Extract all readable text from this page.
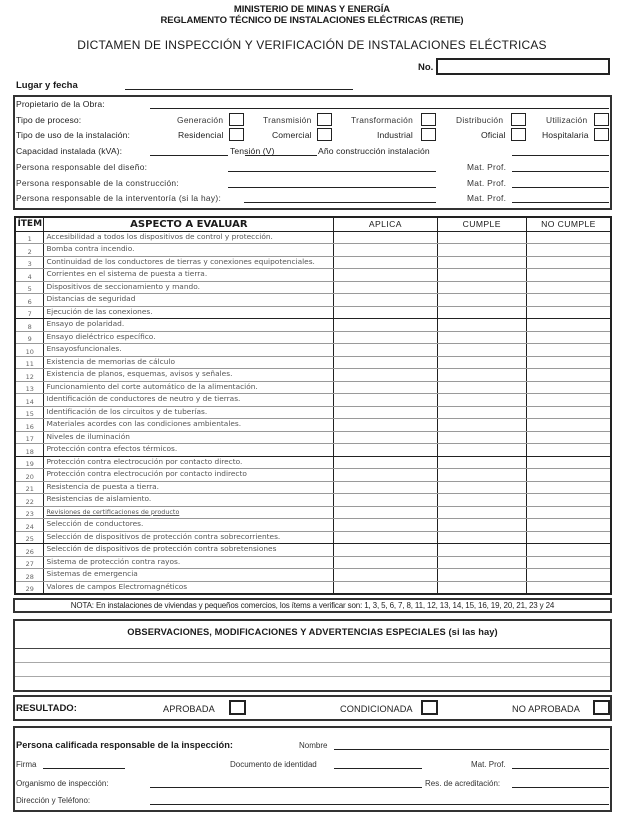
MINISTERIO DE MINAS Y ENERGÍA
REGLAMENTO TÉCNICO DE INSTALACIONES ELÉCTRICAS (RETIE)
DICTAMEN DE INSPECCIÓN Y VERIFICACIÓN DE INSTALACIONES ELÉCTRICAS
No.
Lugar y fecha
Propietario de la Obra:
Tipo de proceso:	Generación	Transmisión	Transformación	Distribución	Utilización
Tipo de uso de la instalación:	Residencial	Comercial	Industrial	Oficial	Hospitalaria
Capacidad instalada (kVA):	Tensión (V)	Año construcción instalación
Persona responsable del diseño:	Mat. Prof.
Persona responsable de la construcción:	Mat. Prof.
Persona responsable de la interventoría (si la hay):	Mat. Prof.
ÍTEM	ASPECTO A EVALUAR	APLICA	CUMPLE	NO CUMPLE
1	Accesibilidad a todos los dispositivos de control y protección.			
2	Bomba contra incendio.			
3	Continuidad de los conductores de tierras y conexiones equipotenciales.			
4	Corrientes en el sistema de puesta a tierra.			
5	Dispositivos de seccionamiento y mando.			
6	Distancias de seguridad			
7	Ejecución de las conexiones.			
8	Ensayo de polaridad.			
9	Ensayo dieléctrico específico.			
10	Ensayosfuncionales.			
11	Existencia de memorias de cálculo			
12	Existencia de planos, esquemas, avisos y señales.			
13	Funcionamiento del corte automático de la alimentación.			
14	Identificación de conductores de neutro y de tierras.			
15	Identificación de los circuitos y de tuberías.			
16	Materiales acordes con las condiciones ambientales.			
17	Niveles de iluminación			
18	Protección contra efectos térmicos.			
19	Protección contra electrocución por contacto directo.			
20	Protección contra electrocución por contacto indirecto			
21	Resistencia de puesta a tierra.			
22	Resistencias de aislamiento.			
23	Revisiones de certificaciones de producto			
24	Selección de conductores.			
25	Selección de dispositivos de protección contra sobrecorrientes.			
26	Selección de dispositivos de protección contra sobretensiones			
27	Sistema de protección contra rayos.			
28	Sistemas de emergencia			
29	Valores de campos Electromagnéticos			
NOTA: En instalaciones de viviendas y pequeños comercios, los ítems a verificar son: 1, 3, 5, 6, 7, 8, 11, 12, 13, 14, 15, 16, 19, 20, 21, 23 y 24
OBSERVACIONES, MODIFICACIONES Y ADVERTENCIAS ESPECIALES (si las hay)
RESULTADO:	APROBADA	CONDICIONADA	NO APROBADA
Persona calificada responsable de la inspección:	Nombre
Firma	Documento de identidad	Mat. Prof.
Organismo de inspección:	Res. de acreditación:
Dirección y Teléfono:
